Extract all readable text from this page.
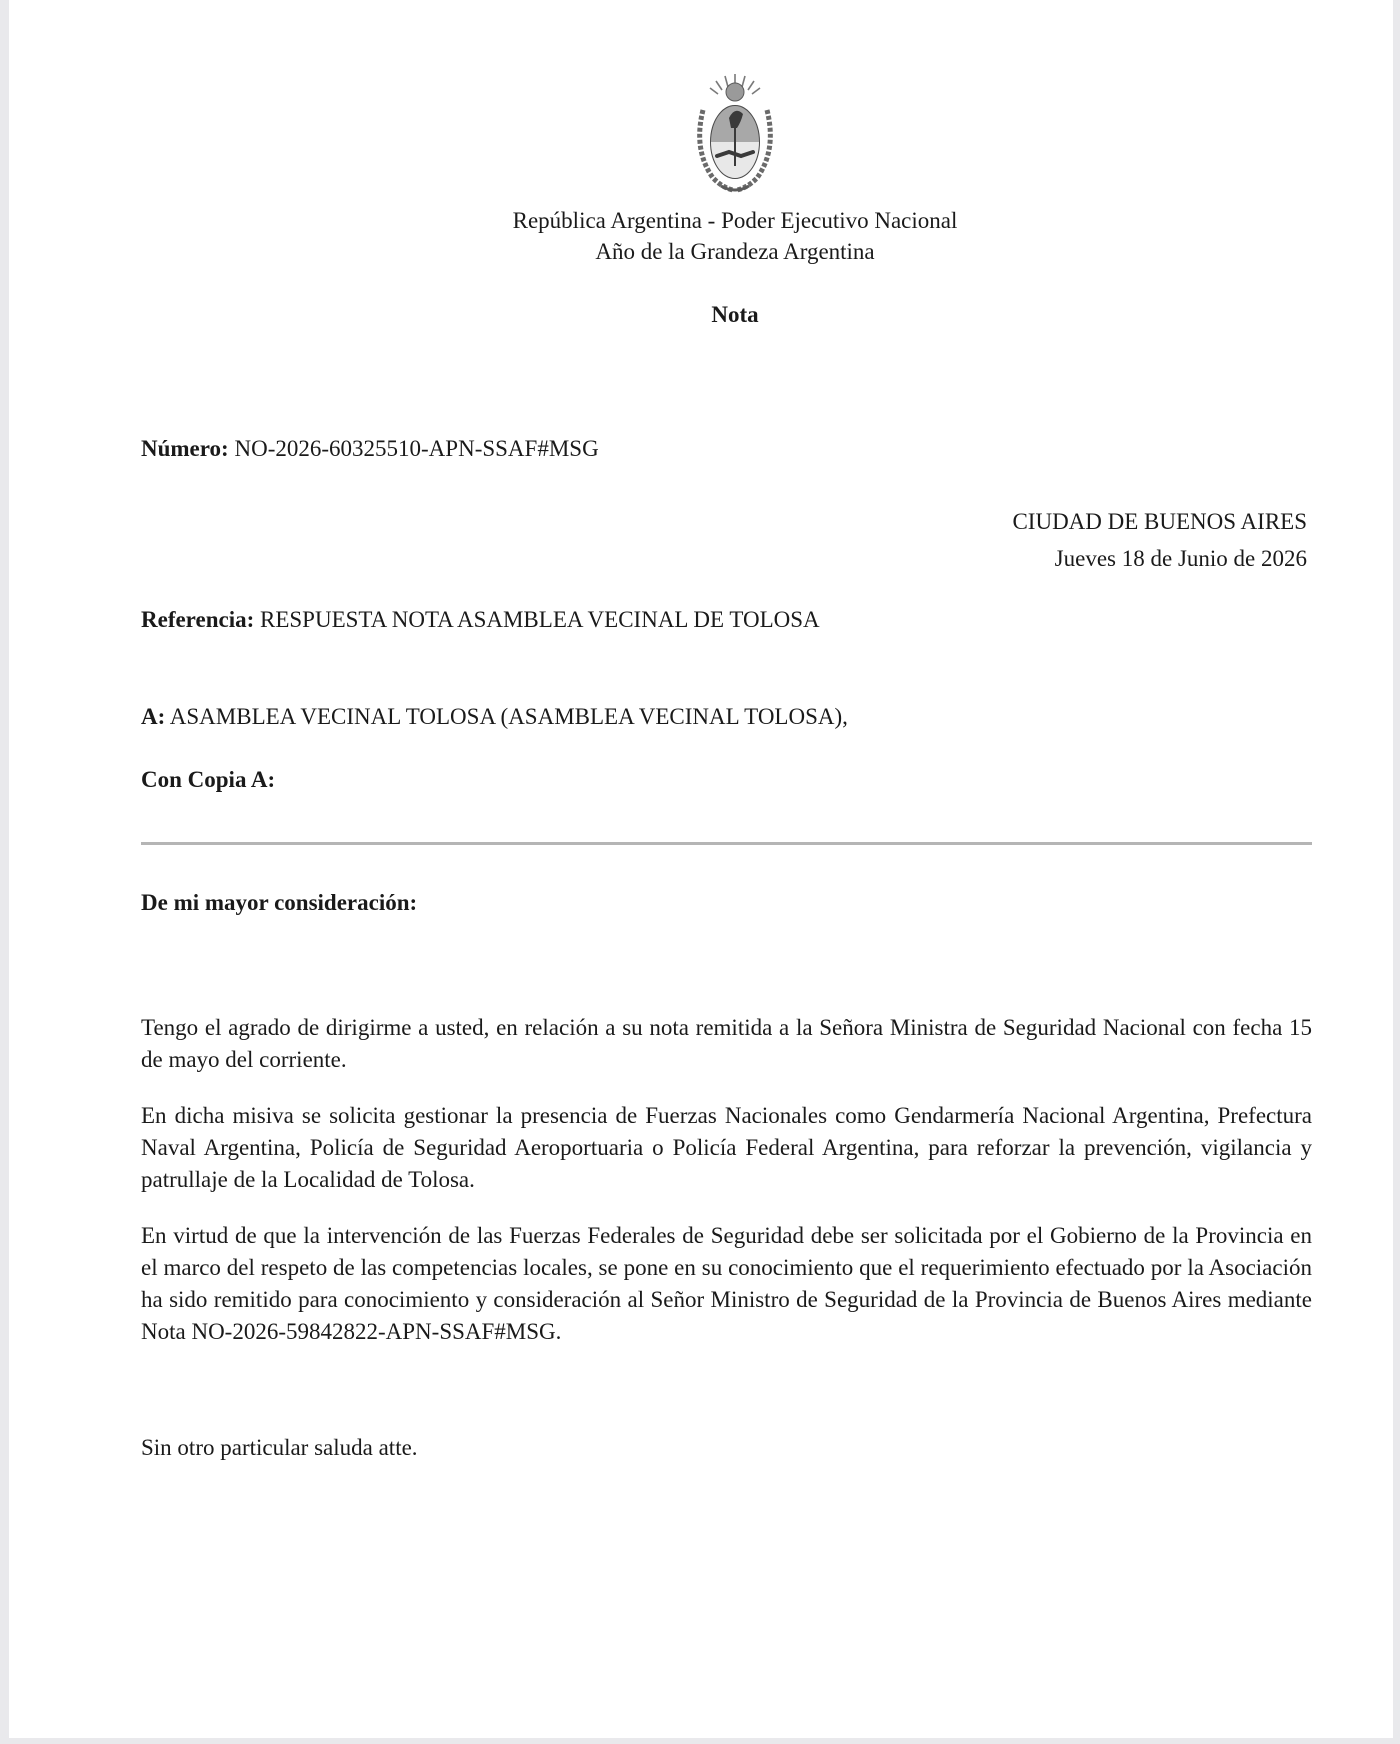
República Argentina - Poder Ejecutivo Nacional
Año de la Grandeza Argentina
Nota
Número: NO-2026-60325510-APN-SSAF#MSG
CIUDAD DE BUENOS AIRES
Jueves 18 de Junio de 2026
Referencia: RESPUESTA NOTA ASAMBLEA VECINAL DE TOLOSA
A: ASAMBLEA VECINAL TOLOSA (ASAMBLEA VECINAL TOLOSA),
Con Copia A:
De mi mayor consideración:

Tengo el agrado de dirigirme a usted, en relación a su nota remitida a la Señora Ministra de Seguridad Nacional con fecha 15 de mayo del corriente.

En dicha misiva se solicita gestionar la presencia de Fuerzas Nacionales como Gendarmería Nacional Argentina, Prefectura Naval Argentina, Policía de Seguridad Aeroportuaria o Policía Federal Argentina, para reforzar la prevención, vigilancia y patrullaje de la Localidad de Tolosa.

En virtud de que la intervención de las Fuerzas Federales de Seguridad debe ser solicitada por el Gobierno de la Provincia en el marco del respeto de las competencias locales, se pone en su conocimiento que el requerimiento efectuado por la Asociación ha sido remitido para conocimiento y consideración al Señor Ministro de Seguridad de la Provincia de Buenos Aires mediante Nota NO-2026-59842822-APN-SSAF#MSG.

Sin otro particular saluda atte.
